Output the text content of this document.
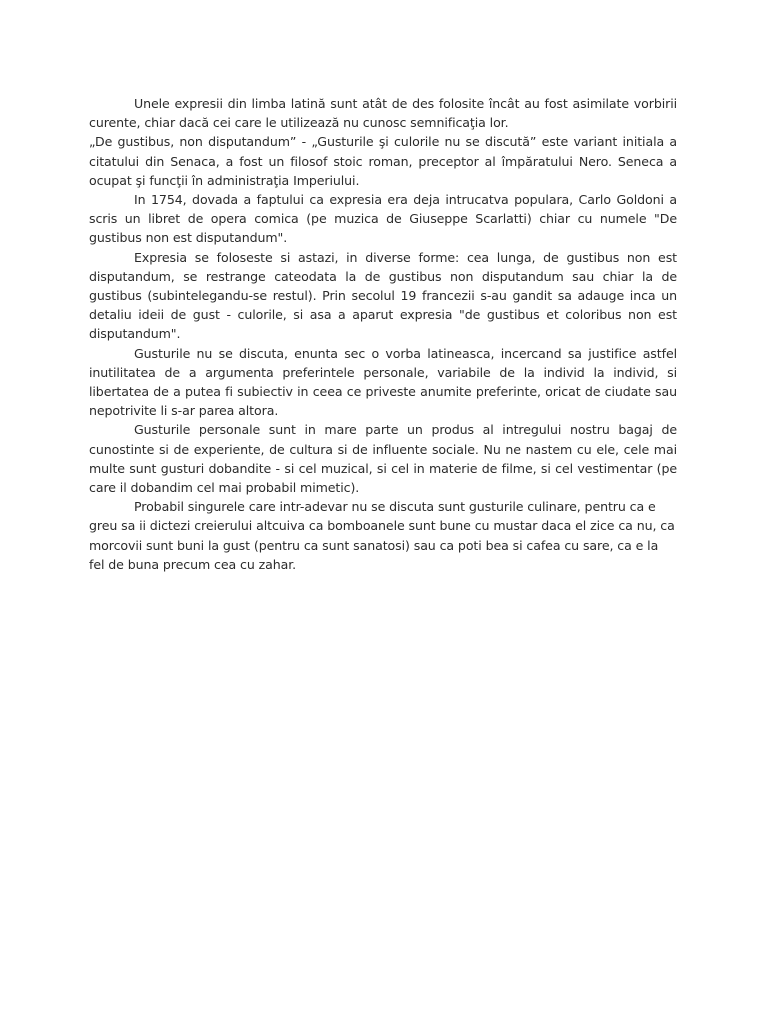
Unele expresii din limba latină sunt atât de des folosite încât au fost asimilate vorbirii curente, chiar dacă cei care le utilizează nu cunosc semnificaţia lor.

„De gustibus, non disputandum” - „Gusturile şi culorile nu se discută” este variant initiala a citatului din Senaca, a fost un filosof stoic roman, preceptor al împăratului Nero. Seneca a ocupat şi funcţii în administraţia Imperiului.

In 1754, dovada a faptului ca expresia era deja intrucatva populara, Carlo Goldoni a scris un libret de opera comica (pe muzica de Giuseppe Scarlatti) chiar cu numele "De gustibus non est disputandum".

Expresia se foloseste si astazi, in diverse forme: cea lunga, de gustibus non est disputandum, se restrange cateodata la de gustibus non disputandum sau chiar la de gustibus (subintelegandu-se restul). Prin secolul 19 francezii s-au gandit sa adauge inca un detaliu ideii de gust - culorile, si asa a aparut expresia "de gustibus et coloribus non est disputandum".

Gusturile nu se discuta, enunta sec o vorba latineasca, incercand sa justifice astfel inutilitatea de a argumenta preferintele personale, variabile de la individ la individ, si libertatea de a putea fi subiectiv in ceea ce priveste anumite preferinte, oricat de ciudate sau nepotrivite li s-ar parea altora.

Gusturile personale sunt in mare parte un produs al intregului nostru bagaj de cunostinte si de experiente, de cultura si de influente sociale. Nu ne nastem cu ele, cele mai multe sunt gusturi dobandite - si cel muzical, si cel in materie de filme, si cel vestimentar (pe care il dobandim cel mai probabil mimetic).

Probabil singurele care intr-adevar nu se discuta sunt gusturile culinare, pentru ca e greu sa ii dictezi creierului altcuiva ca bomboanele sunt bune cu mustar daca el zice ca nu, ca morcovii sunt buni la gust (pentru ca sunt sanatosi) sau ca poti bea si cafea cu sare, ca e la fel de buna precum cea cu zahar.
